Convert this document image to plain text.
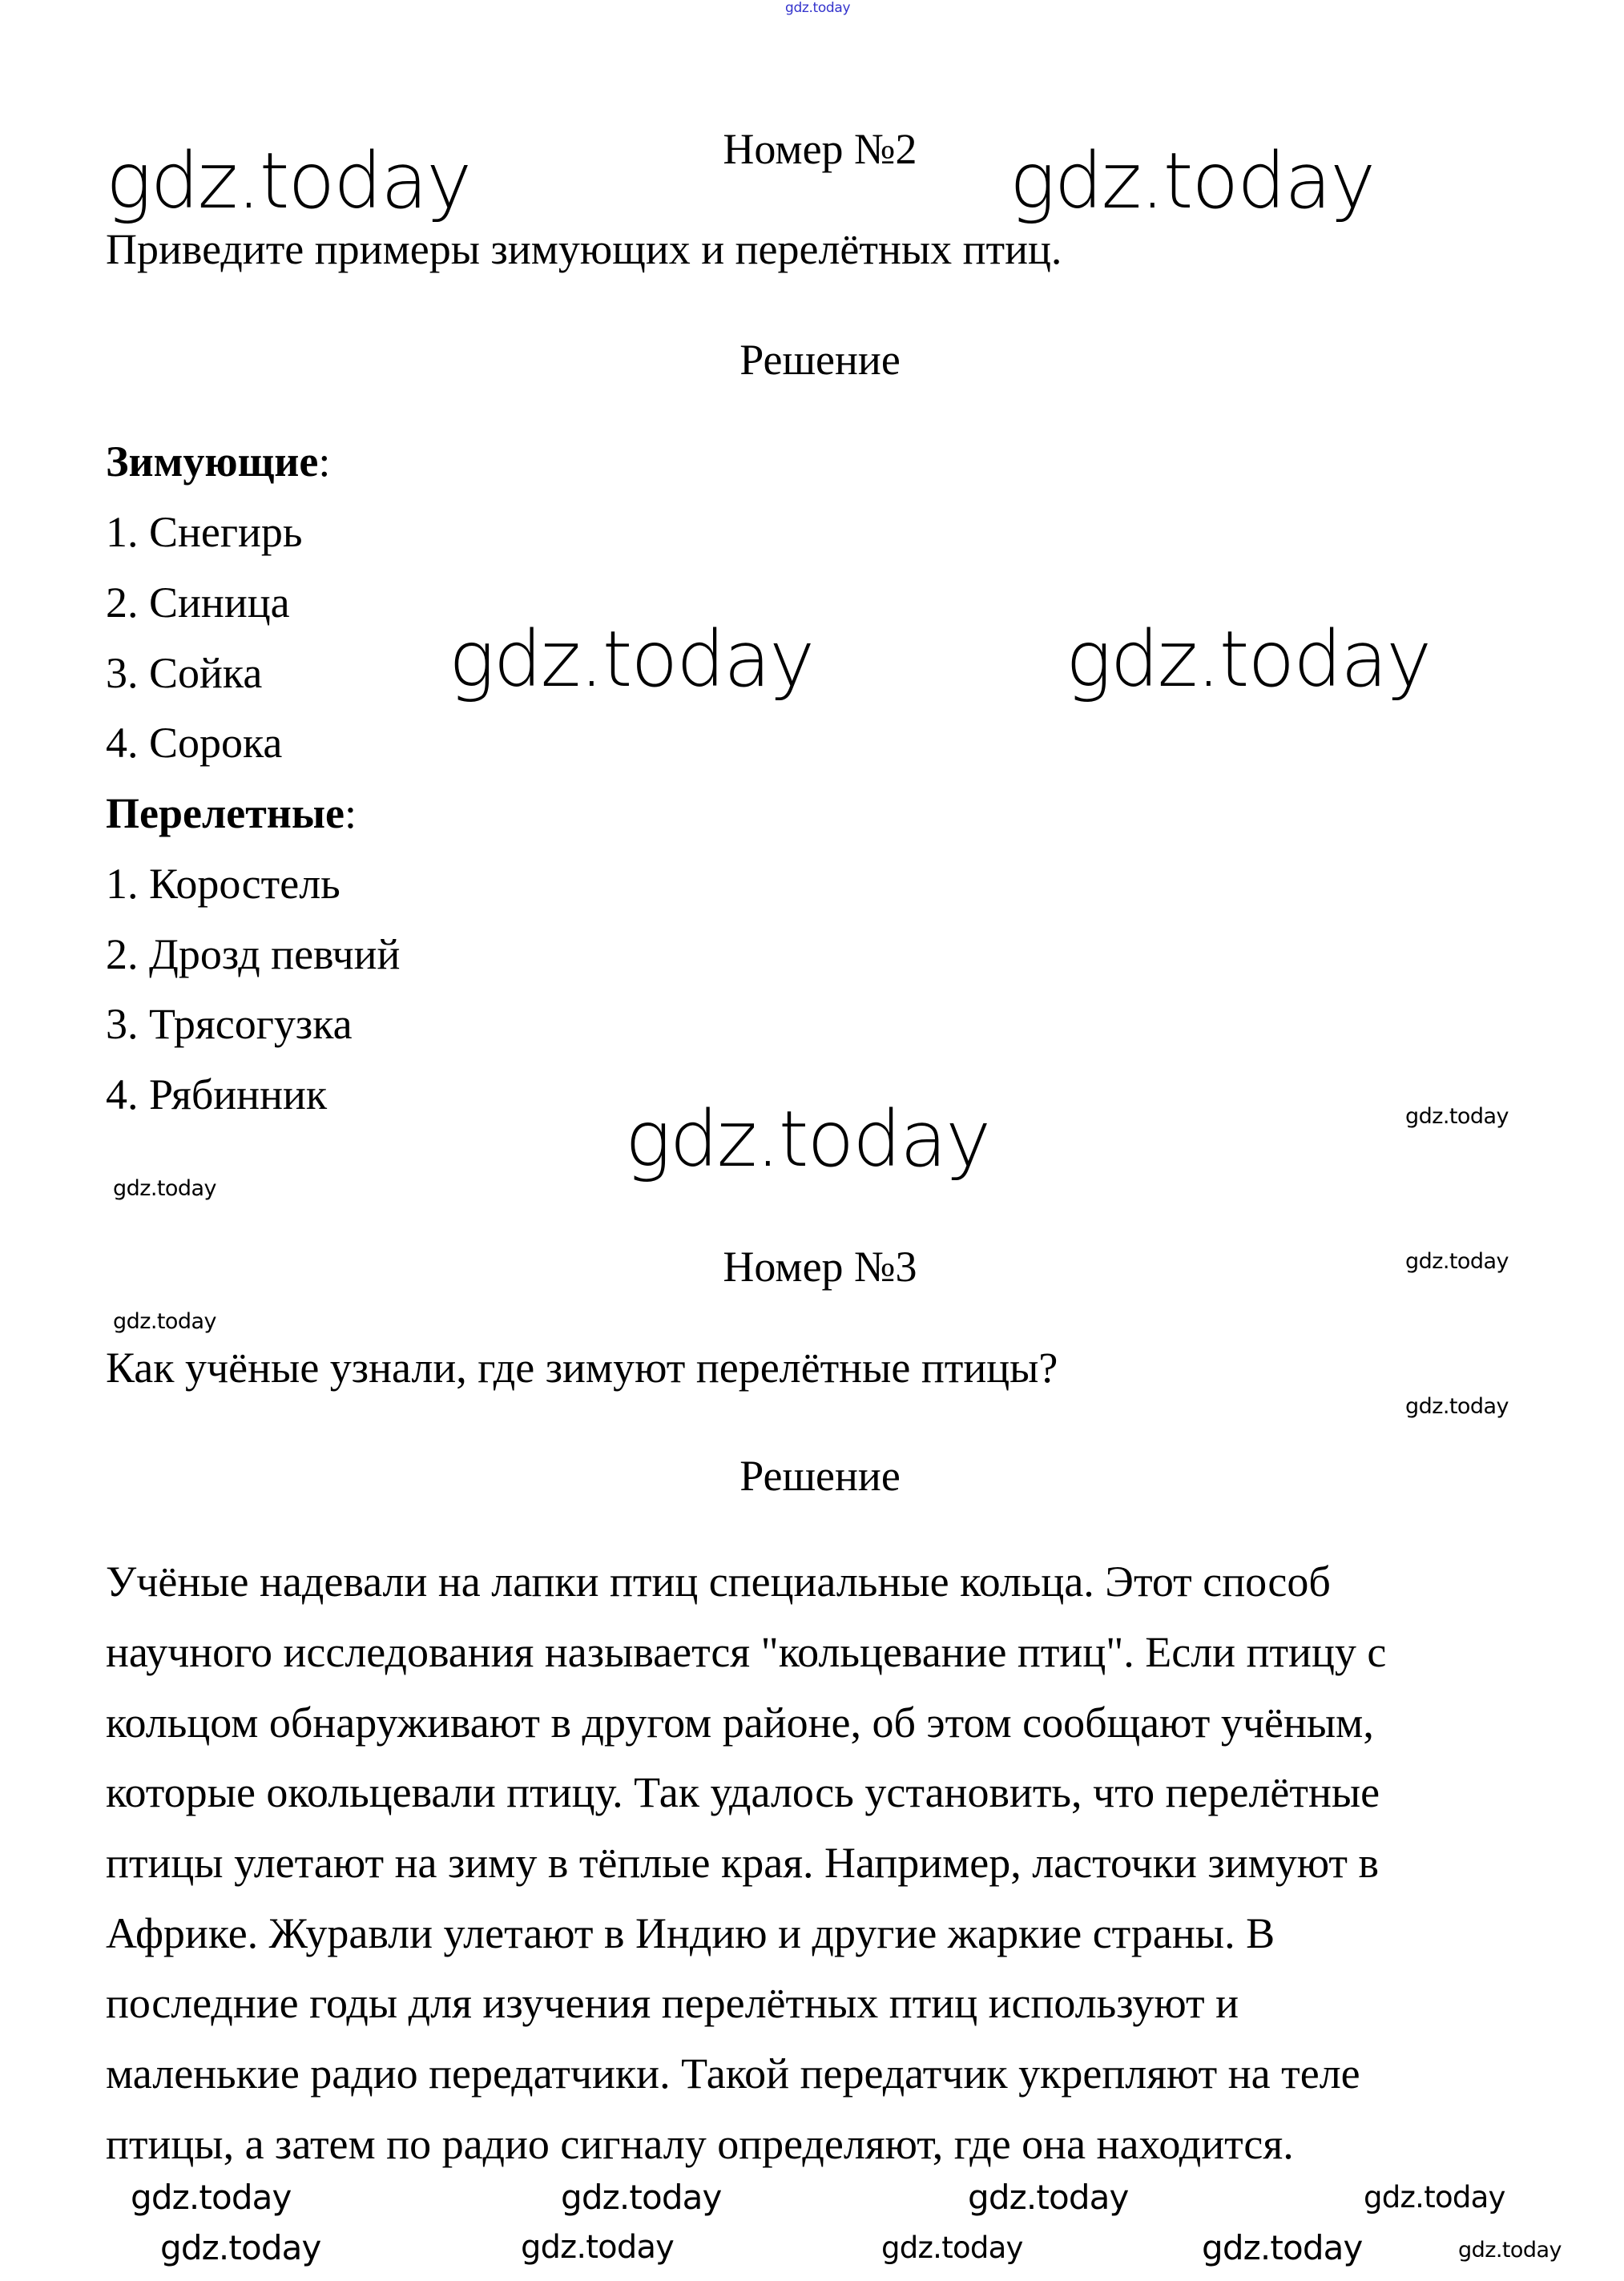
Номер №2
Приведите примеры зимующих и перелётных птиц.
Решение
Зимующие:
1. Снегирь
2. Синица
3. Сойка
4. Сорока
Перелетные:
1. Коростель
2. Дрозд певчий
3. Трясогузка
4. Рябинник
Номер №3
Как учёные узнали, где зимуют перелётные птицы?
Решение
Учёные надевали на лапки птиц специальные кольца. Этот способ
научного исследования называется "кольцевание птиц". Если птицу с
кольцом обнаруживают в другом районе, об этом сообщают учёным,
которые окольцевали птицу. Так удалось установить, что перелётные
птицы улетают на зиму в тёплые края. Например, ласточки зимуют в
Африке. Журавли улетают в Индию и другие жаркие страны. В
последние годы для изучения перелётных птиц используют и
маленькие радио передатчики. Такой передатчик укрепляют на теле
птицы, а затем по радио сигналу определяют, где она находится.
gdz.today
gdz.today	gdz.today
gdz.today	gdz.today
gdz.today	gdz.today
gdz.today
gdz.today
gdz.today
gdz.today
gdz.today	gdz.today	gdz.today	gdz.today
gdz.today	gdz.today	gdz.today	gdz.today	gdz.today
